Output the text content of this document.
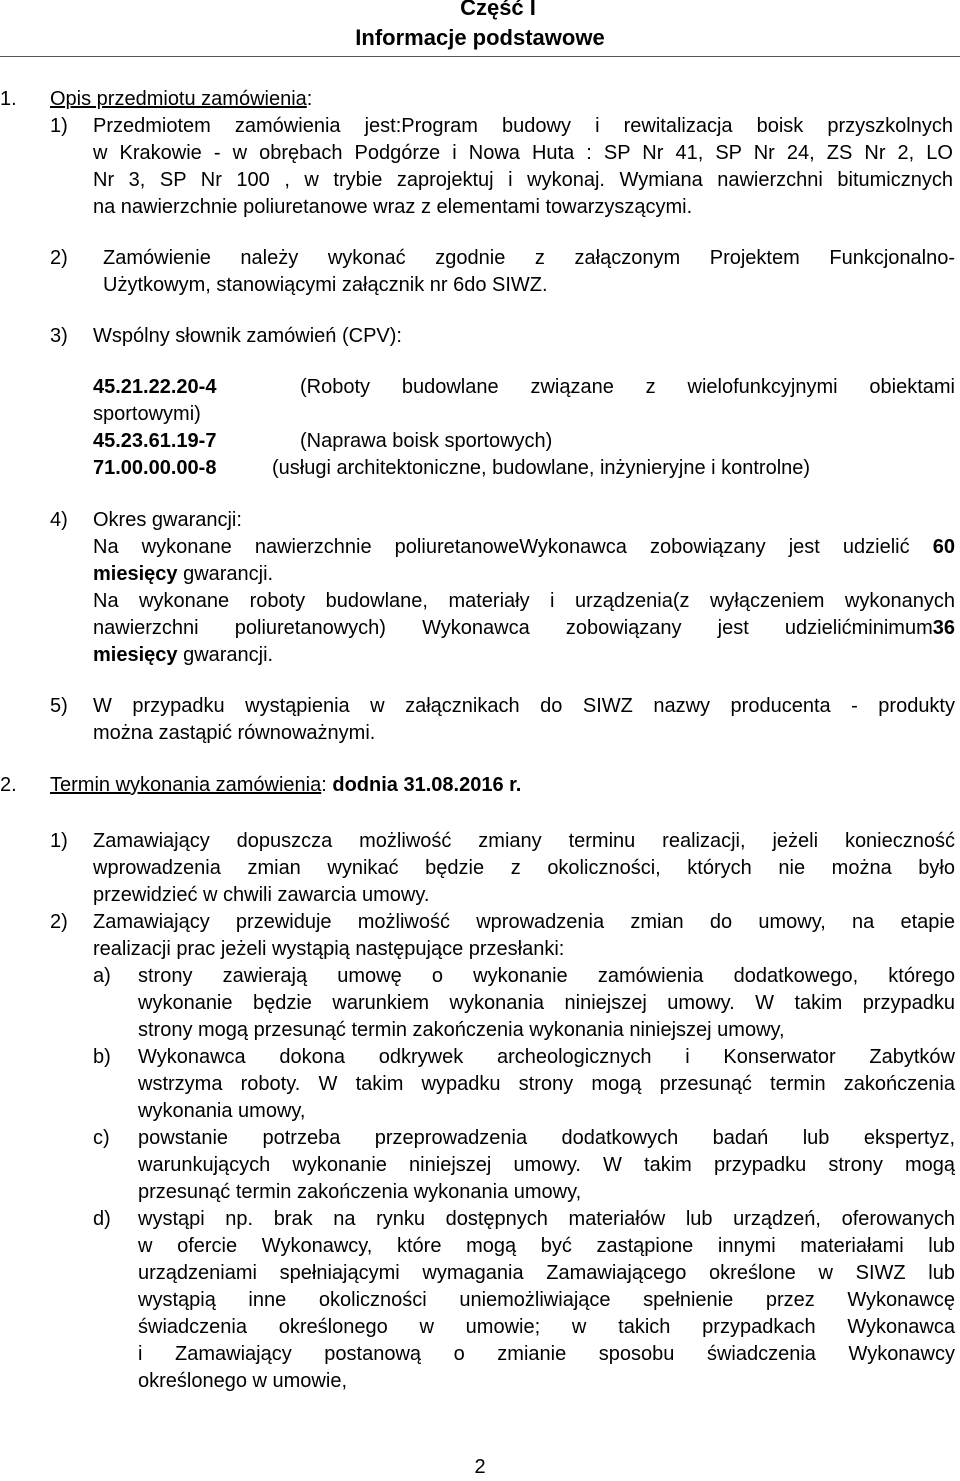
Część I
Informacje podstawowe
1. Opis przedmiotu zamówienia:
1) Przedmiotem zamówienia jest:Program budowy i rewitalizacja boisk przyszkolnych
w Krakowie - w obrębach Podgórze i Nowa Huta : SP Nr 41, SP Nr 24, ZS Nr 2, LO
Nr 3, SP Nr 100 , w trybie zaprojektuj i wykonaj. Wymiana nawierzchni bitumicznych
na nawierzchnie poliuretanowe wraz z elementami towarzyszącymi.
2) Zamówienie należy wykonać zgodnie z załączonym Projektem Funkcjonalno-
Użytkowym, stanowiącymi załącznik nr 6do SIWZ.
3) Wspólny słownik zamówień (CPV):
45.21.22.20-4	(Roboty budowlane związane z wielofunkcyjnymi obiektami
sportowymi)
45.23.61.19-7	(Naprawa boisk sportowych)
71.00.00.00-8	(usługi architektoniczne, budowlane, inżynieryjne i kontrolne)
4) Okres gwarancji:
Na wykonane nawierzchnie poliuretanoweWykonawca zobowiązany jest udzielić 60
miesięcy gwarancji.
Na wykonane roboty budowlane, materiały i urządzenia(z wyłączeniem wykonanych
nawierzchni poliuretanowych) Wykonawca zobowiązany jest udzielićminimum36
miesięcy gwarancji.
5) W przypadku wystąpienia w załącznikach do SIWZ nazwy producenta - produkty
można zastąpić równoważnymi.
2. Termin wykonania zamówienia: dodnia 31.08.2016 r.
1) Zamawiający dopuszcza możliwość zmiany terminu realizacji, jeżeli konieczność
wprowadzenia zmian wynikać będzie z okoliczności, których nie można było
przewidzieć w chwili zawarcia umowy.
2) Zamawiający przewiduje możliwość wprowadzenia zmian do umowy, na etapie
realizacji prac jeżeli wystąpią następujące przesłanki:
a) strony zawierają umowę o wykonanie zamówienia dodatkowego, którego
wykonanie będzie warunkiem wykonania niniejszej umowy. W takim przypadku
strony mogą przesunąć termin zakończenia wykonania niniejszej umowy,
b) Wykonawca dokona odkrywek archeologicznych i Konserwator Zabytków
wstrzyma roboty. W takim wypadku strony mogą przesunąć termin zakończenia
wykonania umowy,
c) powstanie potrzeba przeprowadzenia dodatkowych badań lub ekspertyz,
warunkujących wykonanie niniejszej umowy. W takim przypadku strony mogą
przesunąć termin zakończenia wykonania umowy,
d) wystąpi np. brak na rynku dostępnych materiałów lub urządzeń, oferowanych
w ofercie Wykonawcy, które mogą być zastąpione innymi materiałami lub
urządzeniami spełniającymi wymagania Zamawiającego określone w SIWZ lub
wystąpią inne okoliczności uniemożliwiające spełnienie przez Wykonawcę
świadczenia określonego w umowie; w takich przypadkach Wykonawca
i Zamawiający postanową o zmianie sposobu świadczenia Wykonawcy
określonego w umowie,
2
